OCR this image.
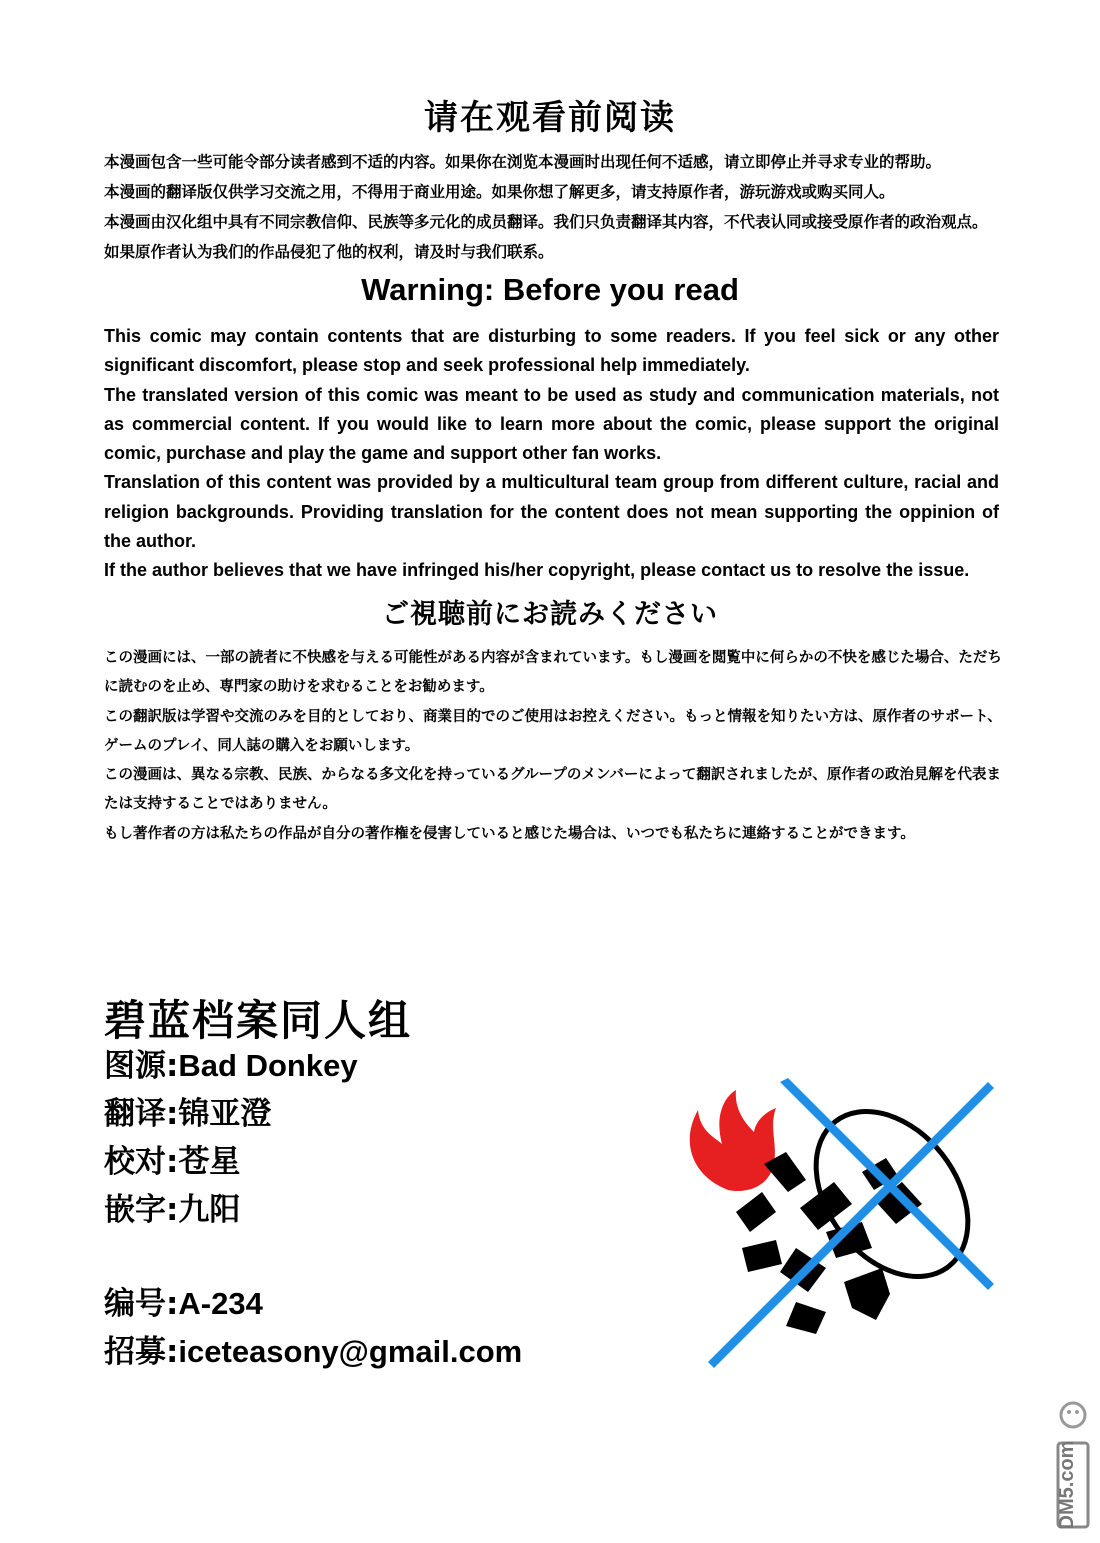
请在观看前阅读

本漫画包含一些可能令部分读者感到不适的内容。如果你在浏览本漫画时出现任何不适感，请立即停止并寻求专业的帮助。

本漫画的翻译版仅供学习交流之用，不得用于商业用途。如果你想了解更多，请支持原作者，游玩游戏或购买同人。

本漫画由汉化组中具有不同宗教信仰、民族等多元化的成员翻译。我们只负责翻译其内容，不代表认同或接受原作者的政治观点。

如果原作者认为我们的作品侵犯了他的权利，请及时与我们联系。

Warning: Before you read

This comic may contain contents that are disturbing to some readers. If you feel sick or any other significant discomfort, please stop and seek professional help immediately.

The translated version of this comic was meant to be used as study and communication materials, not as commercial content. If you would like to learn more about the comic, please support the original comic, purchase and play the game and support other fan works.

Translation of this content was provided by a multicultural team group from different culture, racial and religion backgrounds. Providing translation for the content does not mean supporting the oppinion of the author.

If the author believes that we have infringed his/her copyright, please contact us to resolve the issue.

ご視聴前にお読みください

この漫画には、一部の読者に不快感を与える可能性がある内容が含まれています。もし漫画を閲覧中に何らかの不快を感じた場合、ただちに読むのを止め、専門家の助けを求むることをお勧めます。

この翻訳版は学習や交流のみを目的としており、商業目的でのご使用はお控えください。もっと情報を知りたい方は、原作者のサポート、ゲームのプレイ、同人誌の購入をお願いします。

この漫画は、異なる宗教、民族、からなる多文化を持っているグループのメンバーによって翻訳されましたが、原作者の政治見解を代表または支持することではありません。

もし著作者の方は私たちの作品が自分の著作権を侵害していると感じた場合は、いつでも私たちに連絡することができます。

碧蓝档案同人组
图源:Bad Donkey
翻译:锦亚澄
校对:苍星
嵌字:九阳
编号:A-234
招募:iceteasony@gmail.com
DM5.com
